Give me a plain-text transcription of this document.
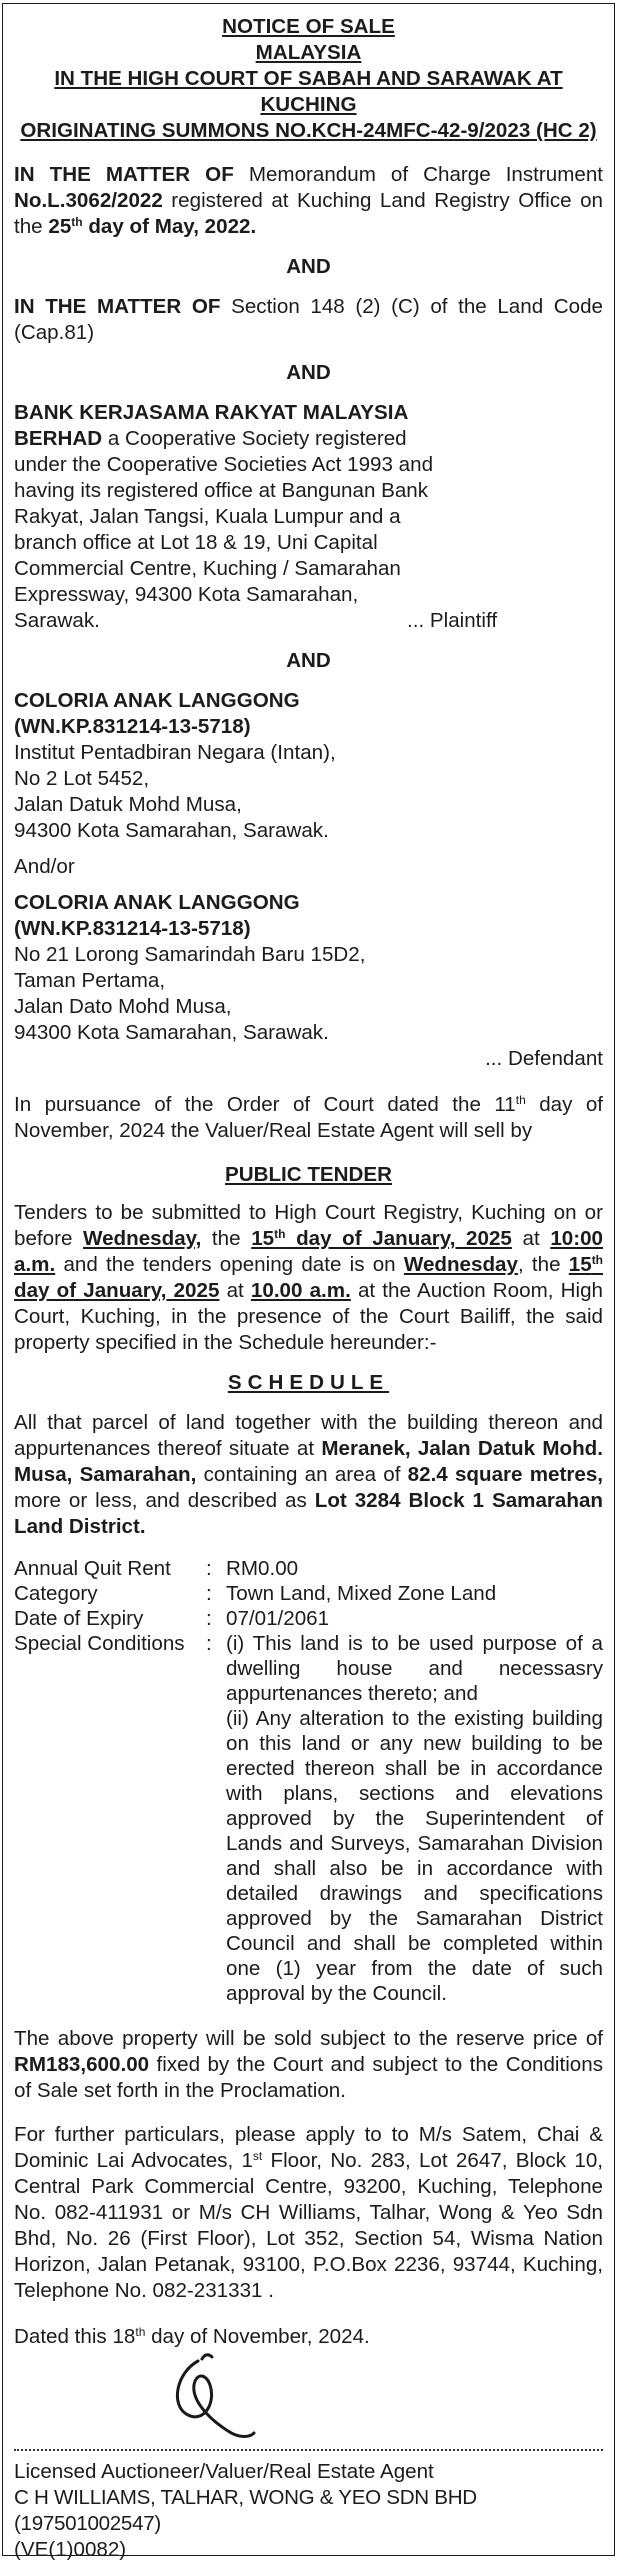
NOTICE OF SALE

MALAYSIA

IN THE HIGH COURT OF SABAH AND SARAWAK AT KUCHING

ORIGINATING SUMMONS NO.KCH-24MFC-42-9/2023 (HC 2)

IN THE MATTER OF Memorandum of Charge Instrument No.L.3062/2022 registered at Kuching Land Registry Office on the 25th day of May, 2022.

AND

IN THE MATTER OF Section 148 (2) (C) of the Land Code (Cap.81)

AND

BANK KERJASAMA RAKYAT MALAYSIA

BERHAD a Cooperative Society registered

under the Cooperative Societies Act 1993 and

having its registered office at Bangunan Bank

Rakyat, Jalan Tangsi, Kuala Lumpur and a

branch office at Lot 18 & 19, Uni Capital

Commercial Centre, Kuching / Samarahan

Expressway, 94300 Kota Samarahan,

Sarawak.	... Plaintiff

AND

COLORIA ANAK LANGGONG

(WN.KP.831214-13-5718)

Institut Pentadbiran Negara (Intan),

No 2 Lot 5452,

Jalan Datuk Mohd Musa,

94300 Kota Samarahan, Sarawak.

And/or

COLORIA ANAK LANGGONG

(WN.KP.831214-13-5718)

No 21 Lorong Samarindah Baru 15D2,

Taman Pertama,

Jalan Dato Mohd Musa,

94300 Kota Samarahan, Sarawak.

... Defendant

In pursuance of the Order of Court dated the 11th day of November, 2024 the Valuer/Real Estate Agent will sell by

PUBLIC TENDER

Tenders to be submitted to High Court Registry, Kuching on or before Wednesday, the 15th day of January, 2025 at 10:00 a.m. and the tenders opening date is on Wednesday, the 15th day of January, 2025 at 10.00 a.m. at the Auction Room, High Court, Kuching, in the presence of the Court Bailiff, the said property specified in the Schedule hereunder:-

SCHEDULE

All that parcel of land together with the building thereon and appurtenances thereof situate at Meranek, Jalan Datuk Mohd. Musa, Samarahan, containing an area of 82.4 square metres, more or less, and described as Lot 3284 Block 1 Samarahan Land District.

Annual Quit Rent	:	RM0.00
Category	:	Town Land, Mixed Zone Land
Date of Expiry	:	07/01/2061
Special Conditions	:	(i) This land is to be used purpose of a dwelling house and necessasry appurtenances thereto; and

(ii) Any alteration to the existing building on this land or any new building to be erected thereon shall be in accordance with plans, sections and elevations approved by the Superintendent of Lands and Surveys, Samarahan Division and shall also be in accordance with detailed drawings and specifications approved by the Samarahan District Council and shall be completed within one (1) year from the date of such approval by the Council.

The above property will be sold subject to the reserve price of RM183,600.00 fixed by the Court and subject to the Conditions of Sale set forth in the Proclamation.

For further particulars, please apply to to M/s Satem, Chai & Dominic Lai Advocates, 1st Floor, No. 283, Lot 2647, Block 10, Central Park Commercial Centre, 93200, Kuching, Telephone No. 082-411931 or M/s CH Williams, Talhar, Wong & Yeo Sdn Bhd, No. 26 (First Floor), Lot 352, Section 54, Wisma Nation Horizon, Jalan Petanak, 93100, P.O.Box 2236, 93744, Kuching, Telephone No. 082-231331 .

Dated this 18th day of November, 2024.

Licensed Auctioneer/Valuer/Real Estate Agent

C H WILLIAMS, TALHAR, WONG & YEO SDN BHD (197501002547)

(VE(1)0082)
